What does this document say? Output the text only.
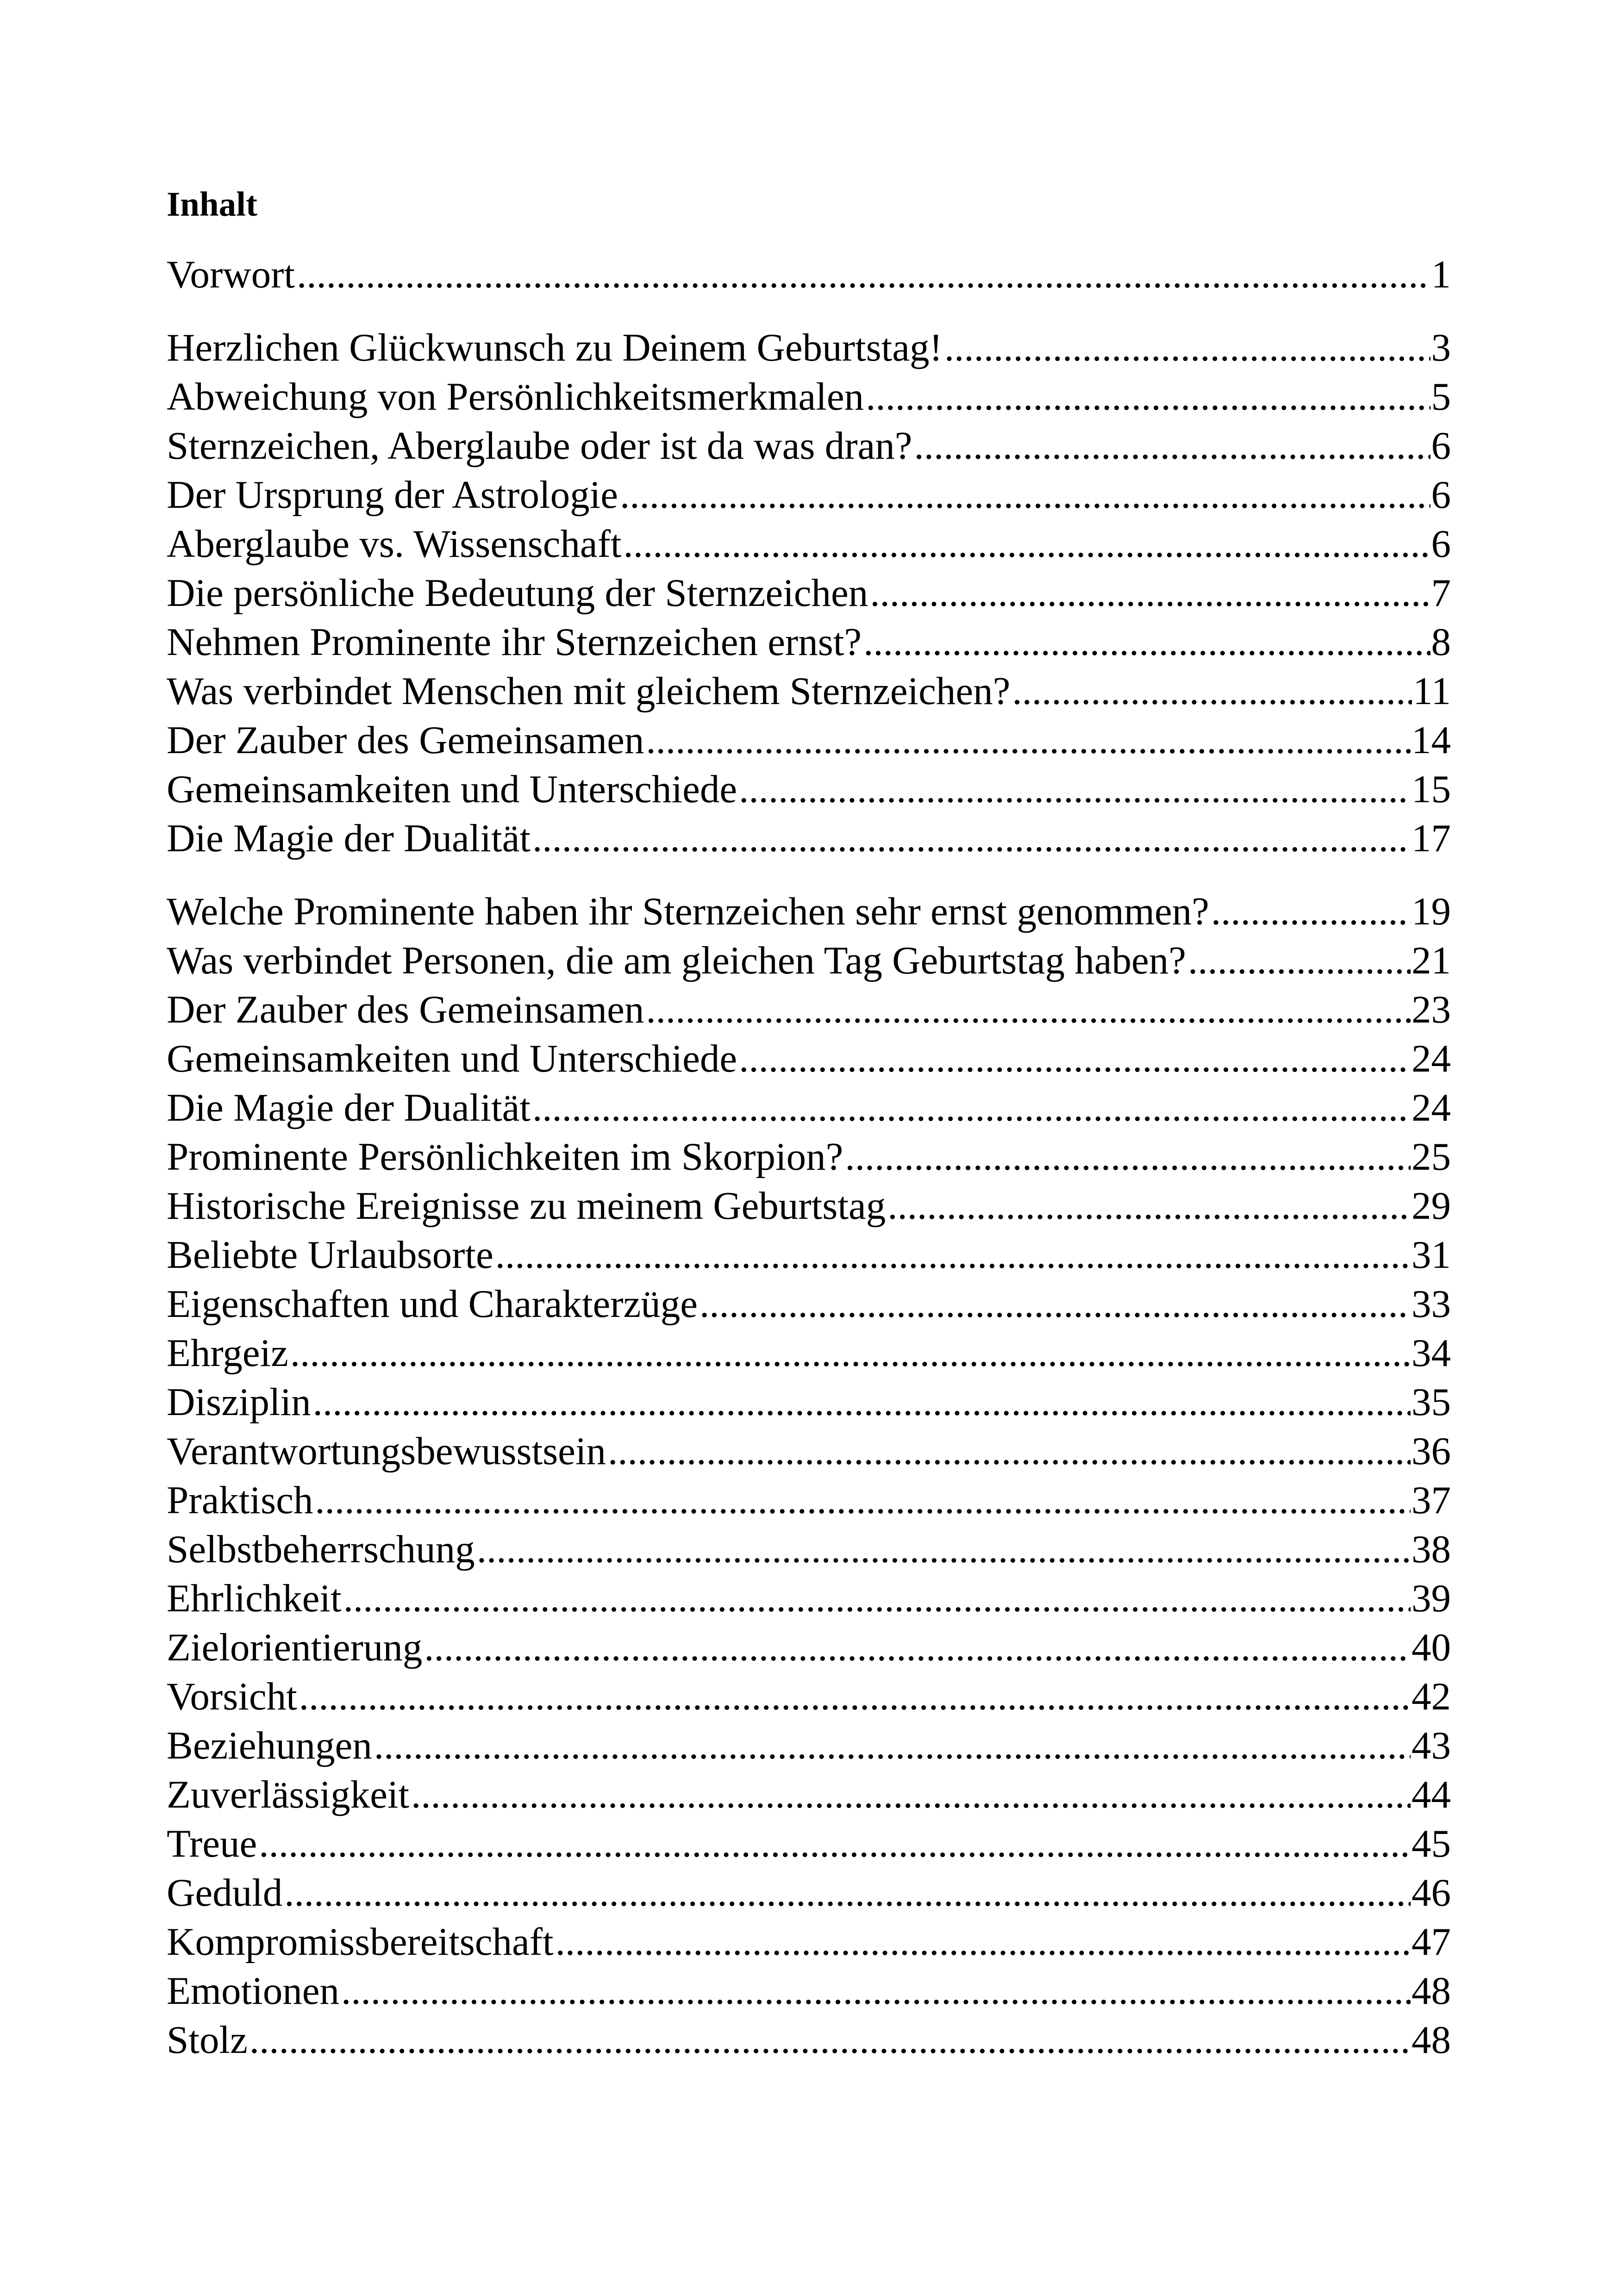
Inhalt
Vorwort .....	1
Herzlichen Glückwunsch zu Deinem Geburtstag! .....	3
Abweichung von Persönlichkeitsmerkmalen .....	5
Sternzeichen, Aberglaube oder ist da was dran? .....	6
Der Ursprung der Astrologie .....	6
Aberglaube vs. Wissenschaft .....	6
Die persönliche Bedeutung der Sternzeichen .....	7
Nehmen Prominente ihr Sternzeichen ernst? .....	8
Was verbindet Menschen mit gleichem Sternzeichen? .....	11
Der Zauber des Gemeinsamen .....	14
Gemeinsamkeiten und Unterschiede .....	15
Die Magie der Dualität .....	17
Welche Prominente haben ihr Sternzeichen sehr ernst genommen? .....	19
Was verbindet Personen, die am gleichen Tag Geburtstag haben? .....	21
Der Zauber des Gemeinsamen .....	23
Gemeinsamkeiten und Unterschiede .....	24
Die Magie der Dualität .....	24
Prominente Persönlichkeiten im Skorpion? .....	25
Historische Ereignisse zu meinem Geburtstag .....	29
Beliebte Urlaubsorte .....	31
Eigenschaften und Charakterzüge .....	33
Ehrgeiz .....	34
Disziplin .....	35
Verantwortungsbewusstsein .....	36
Praktisch .....	37
Selbstbeherrschung .....	38
Ehrlichkeit .....	39
Zielorientierung .....	40
Vorsicht .....	42
Beziehungen .....	43
Zuverlässigkeit .....	44
Treue .....	45
Geduld .....	46
Kompromissbereitschaft .....	47
Emotionen .....	48
Stolz .....	48
